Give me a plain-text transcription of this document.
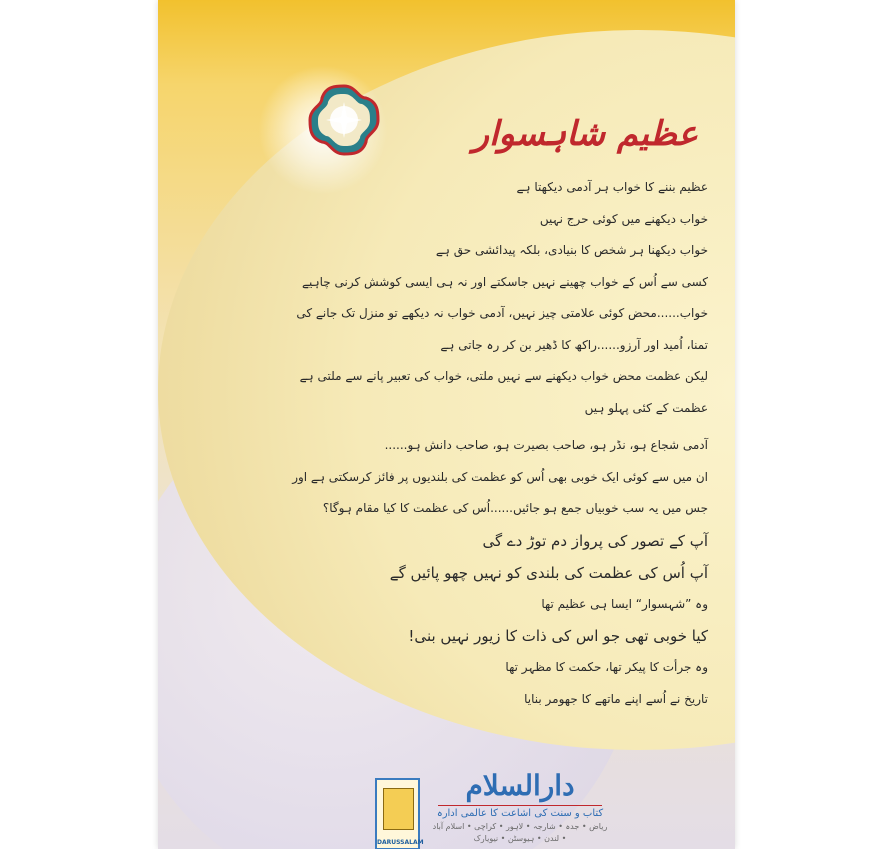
عظیم شاہسوار
عظیم بننے کا خواب ہر آدمی دیکھتا ہے
خواب دیکھنے میں کوئی حرج نہیں
خواب دیکھنا ہر شخص کا بنیادی، بلکہ پیدائشی حق ہے
کسی سے اُس کے خواب چھینے نہیں جاسکتے اور نہ ہی ایسی کوشش کرنی چاہیے
خواب......محض کوئی علامتی چیز نہیں، آدمی خواب نہ دیکھے تو منزل تک جانے کی
تمنا، اُمید اور آرزو......راکھ کا ڈھیر بن کر رہ جاتی ہے
لیکن عظمت محض خواب دیکھنے سے نہیں ملتی، خواب کی تعبیر پانے سے ملتی ہے
عظمت کے کئی پہلو ہیں
آدمی شجاع ہو، نڈر ہو، صاحب بصیرت ہو، صاحب دانش ہو......
ان میں سے کوئی ایک خوبی بھی اُس کو عظمت کی بلندیوں پر فائز کرسکتی ہے اور
جس میں یہ سب خوبیاں جمع ہو جائیں......اُس کی عظمت کا کیا مقام ہوگا؟
آپ کے تصور کی پرواز دم توڑ دے گی
آپ اُس کی عظمت کی بلندی کو نہیں چھو پائیں گے
وہ ”شہسوار“ ایسا ہی عظیم تھا
کیا خوبی تھی جو اس کی ذات کا زیور نہیں بنی!
وہ جرأت کا پیکر تھا، حکمت کا مظہر تھا
تاریخ نے اُسے اپنے ماتھے کا جھومر بنایا
DARUSSALAM
دارالسلام
کتاب و سنت کی اشاعت کا عالمی ادارہ
ریاض • جدہ • شارجہ • لاہور • کراچی • اسلام آباد • لندن • ہیوسٹن • نیویارک
